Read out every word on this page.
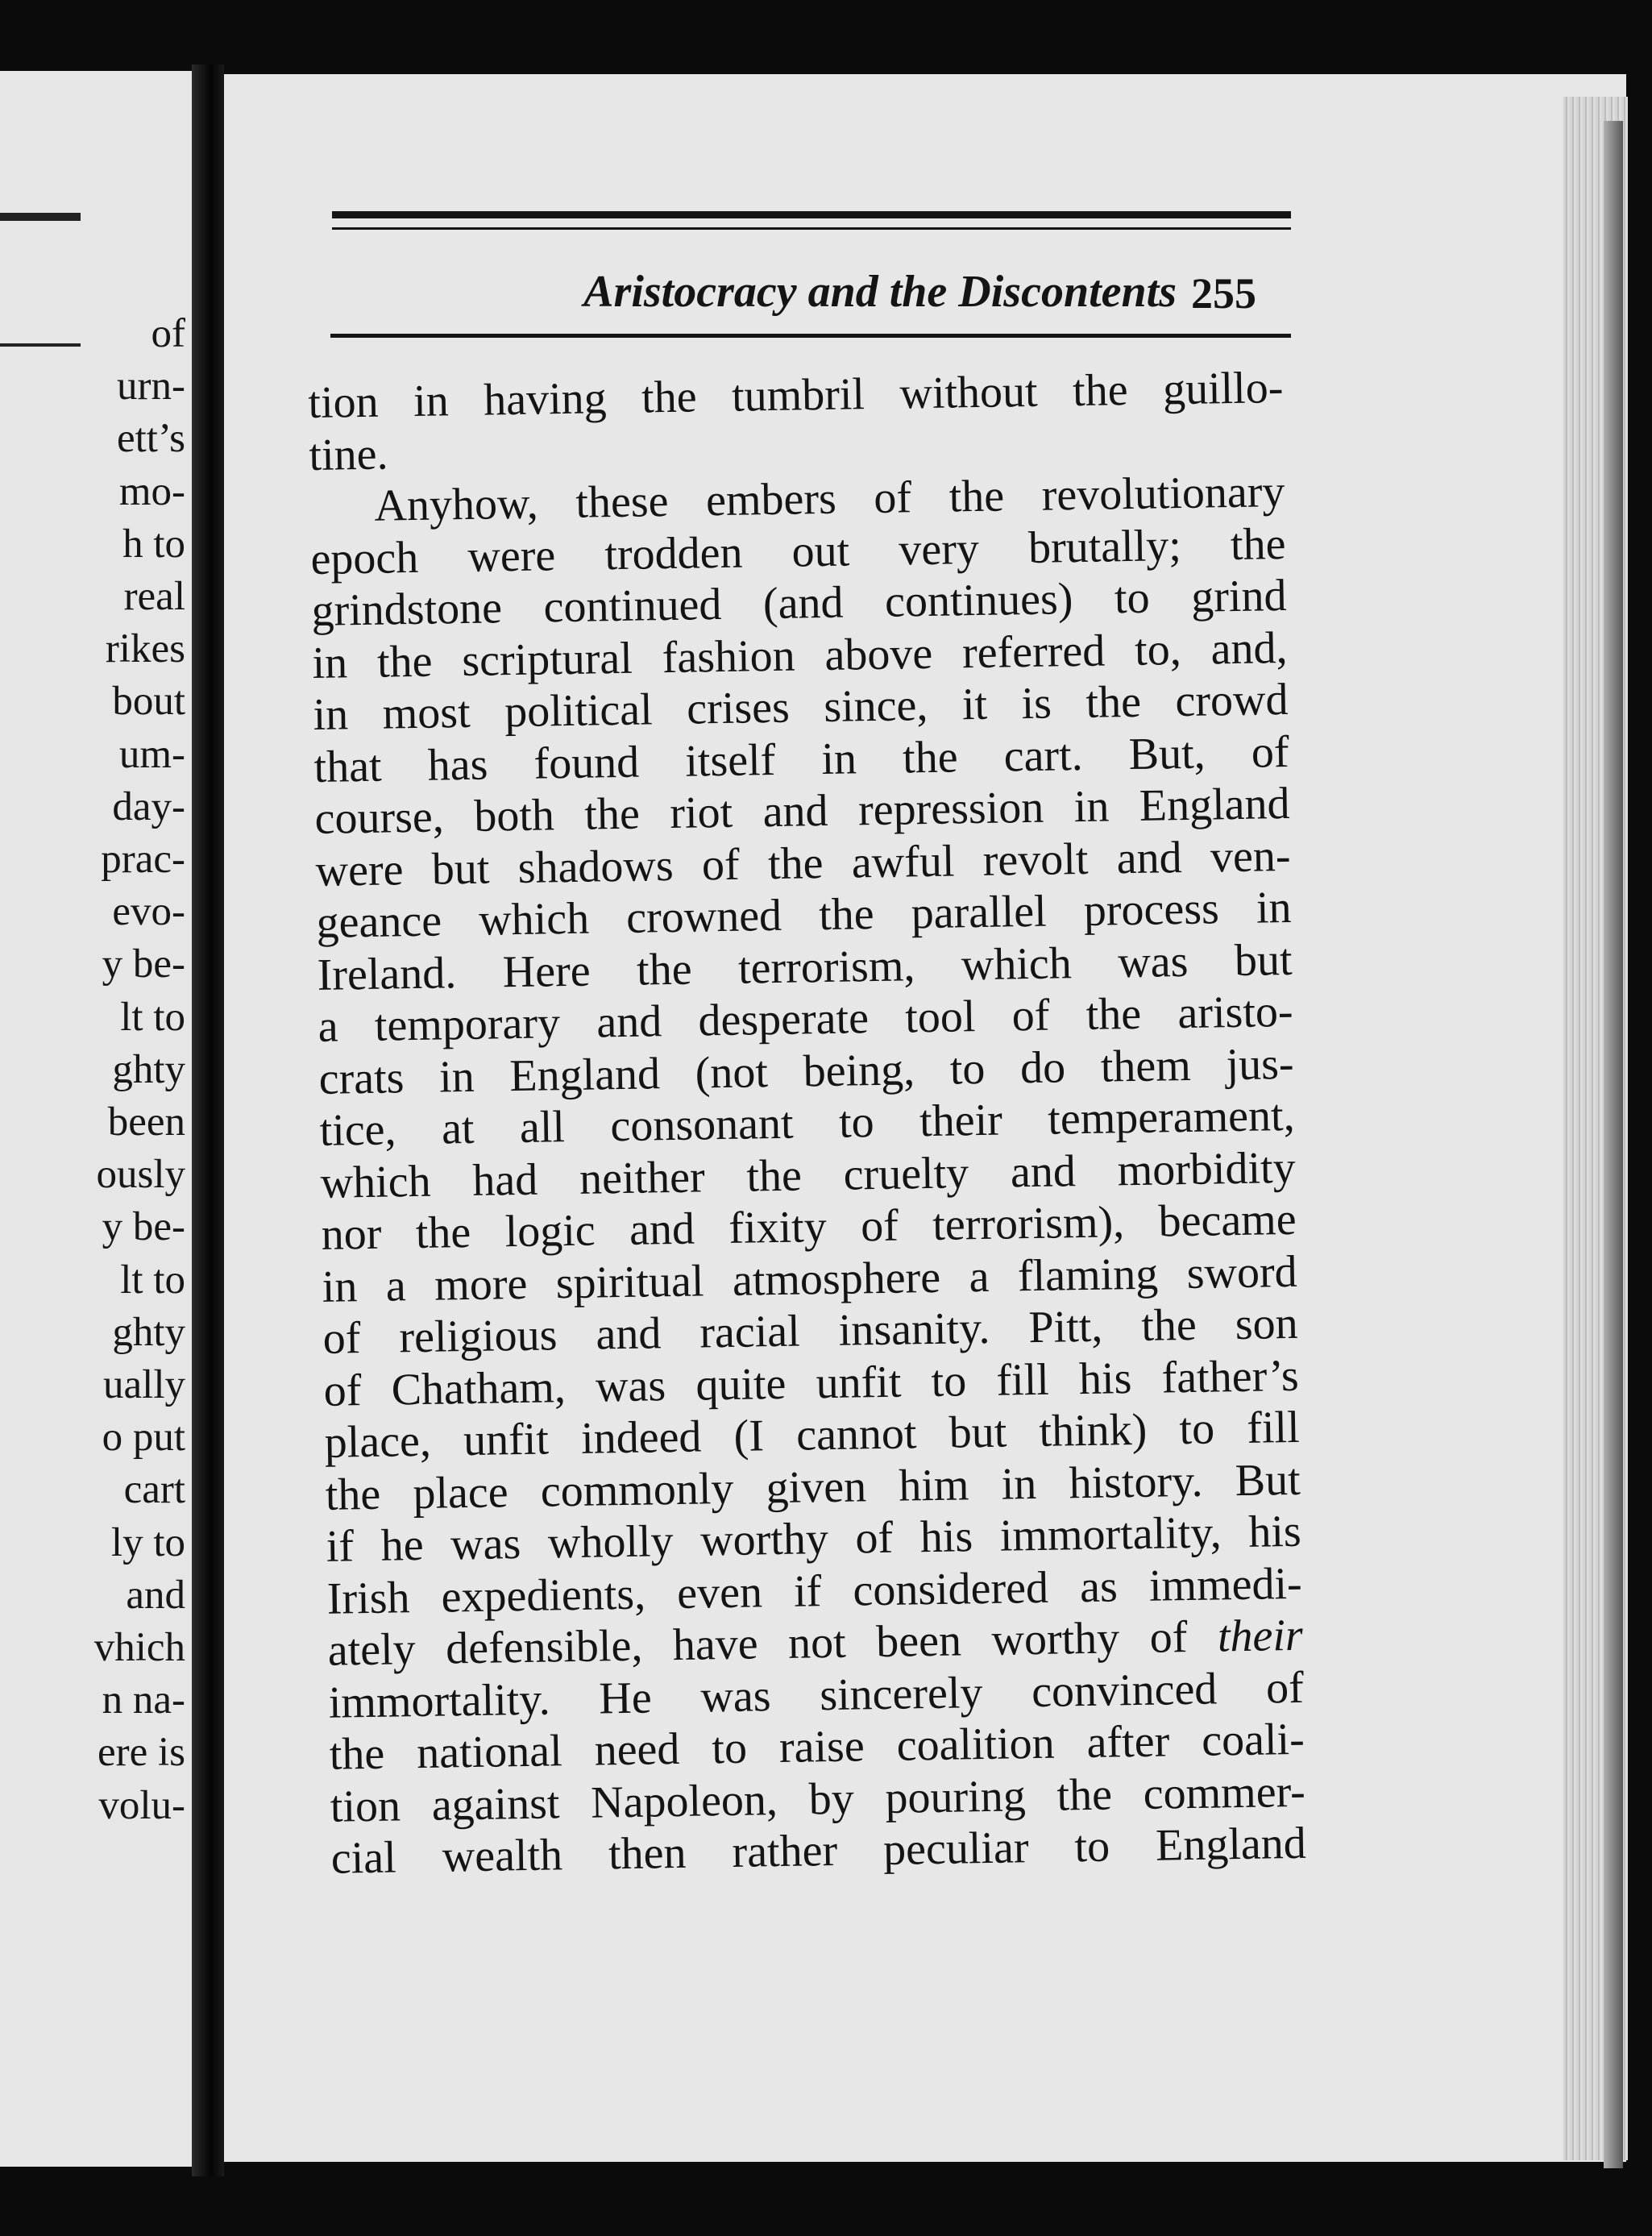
of
urn-
ett’s
mo-
h to
real
rikes
bout
um-
day-
prac-
evo-
y be-
lt to
ghty
been
ously
y be-
lt to
ghty
ually
o put
cart
ly to
and
vhich
n na-
ere is
volu-
Aristocracy and the Discontents 255
tion in having the tumbril without the guillo-
tine.
Anyhow, these embers of the revolutionary
epoch were trodden out very brutally; the
grindstone continued (and continues) to grind
in the scriptural fashion above referred to, and,
in most political crises since, it is the crowd
that has found itself in the cart. But, of
course, both the riot and repression in England
were but shadows of the awful revolt and ven-
geance which crowned the parallel process in
Ireland. Here the terrorism, which was but
a temporary and desperate tool of the aristo-
crats in England (not being, to do them jus-
tice, at all consonant to their temperament,
which had neither the cruelty and morbidity
nor the logic and fixity of terrorism), became
in a more spiritual atmosphere a flaming sword
of religious and racial insanity. Pitt, the son
of Chatham, was quite unfit to fill his father’s
place, unfit indeed (I cannot but think) to fill
the place commonly given him in history. But
if he was wholly worthy of his immortality, his
Irish expedients, even if considered as immedi-
ately defensible, have not been worthy of their
immortality. He was sincerely convinced of
the national need to raise coalition after coali-
tion against Napoleon, by pouring the commer-
cial wealth then rather peculiar to England
